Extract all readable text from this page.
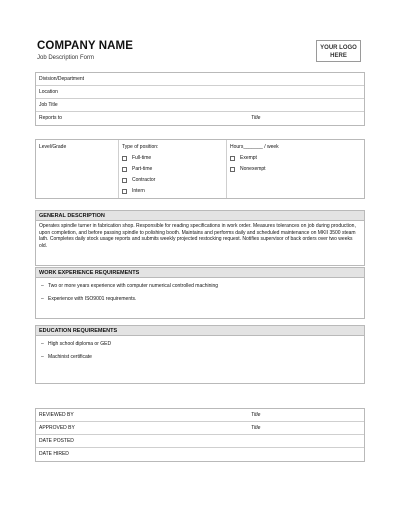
COMPANY NAME
Job Description Form
YOUR LOGO
HERE
Division/Department
Location
Job Title
Reports to	Title
Level/Grade	Type of position:
Full-time
Part-time
Contractor
Intern
Hours_______ / week
Exempt
Nonexempt
GENERAL DESCRIPTION
Operates spindle turner in fabrication shop. Responsible for reading specifications in work order. Measures tolerances on job during production, upon completion, and before passing spindle to polishing booth. Maintains and performs daily and scheduled maintenance on MKII 3500 steam lath. Completes daily stock usage reports and submits weekly projected restocking request. Notifies supervisor of back orders over two weeks old.
WORK EXPERIENCE REQUIREMENTS
– Two or more years experience with computer numerical controlled machining
– Experience with ISO9001 requirements.
EDUCATION REQUIREMENTS
– High school diploma or GED
– Machinist certificate
REVIEWED BY	Title
APPROVED BY	Title
DATE POSTED
DATE HIRED
